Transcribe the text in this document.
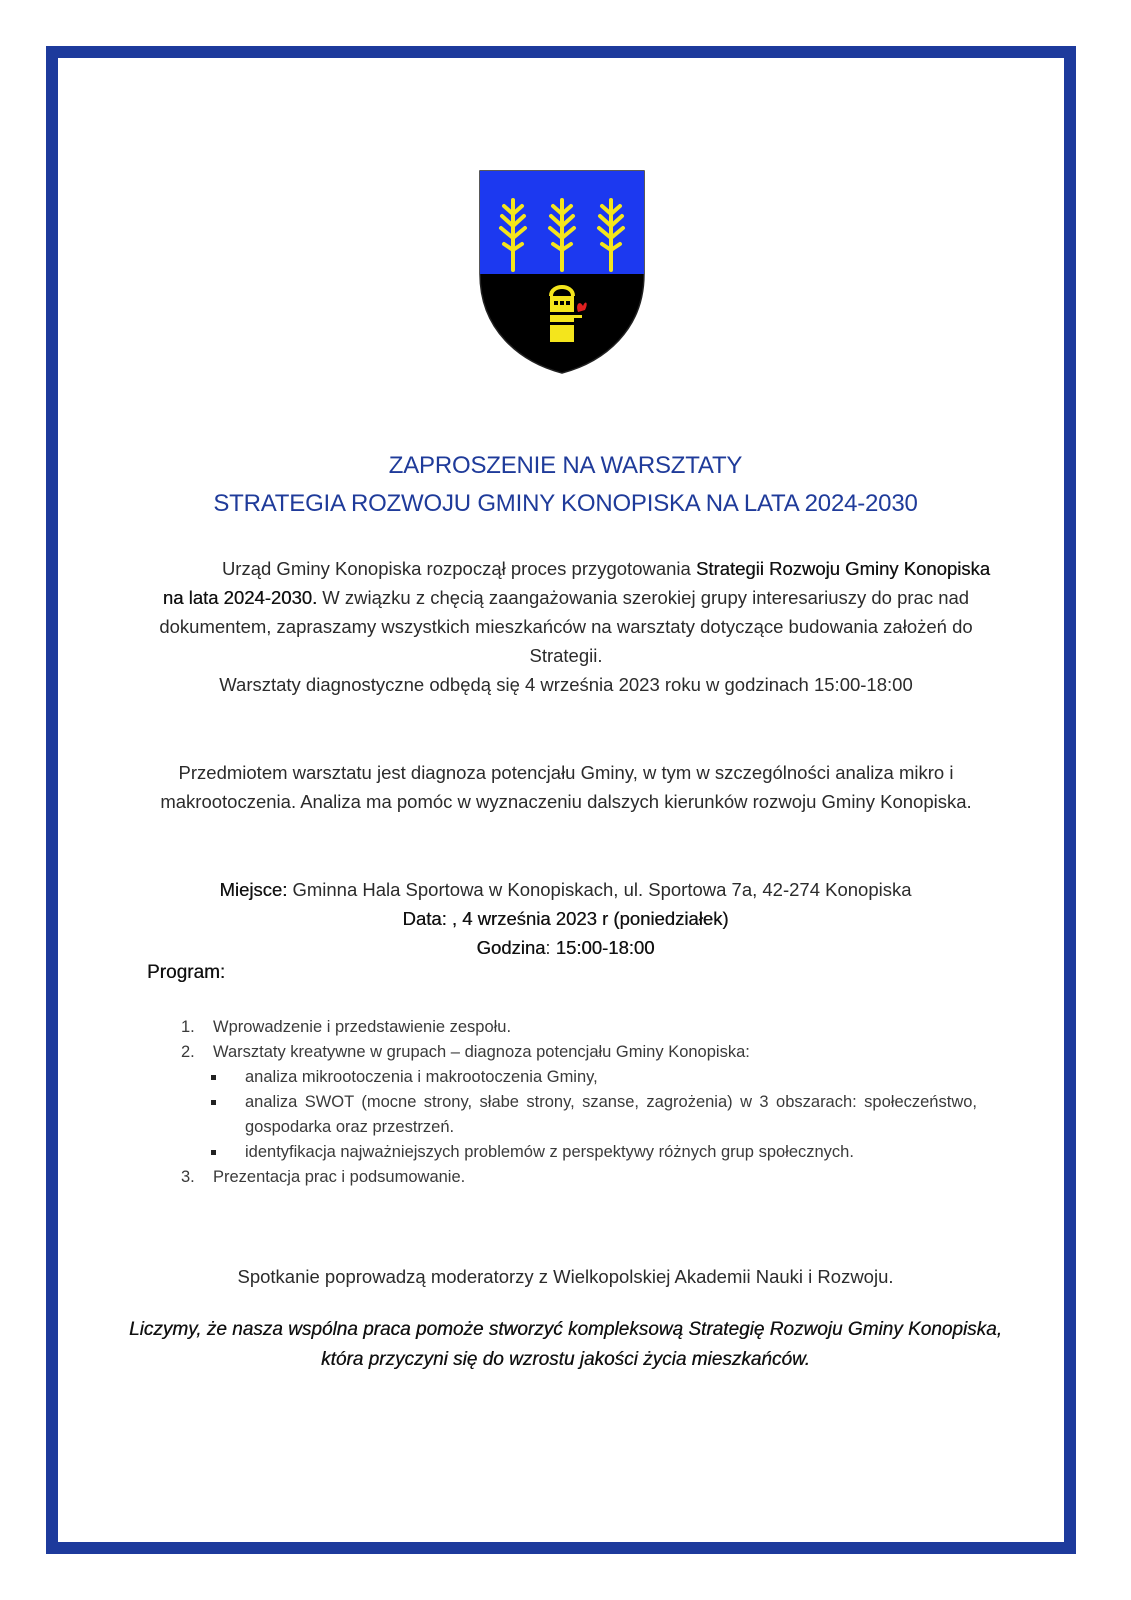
ZAPROSZENIE NA WARSZTATY
STRATEGIA ROZWOJU GMINY KONOPISKA NA LATA 2024-2030
Urząd Gminy Konopiska rozpoczął proces przygotowania Strategii Rozwoju Gminy Konopiska na lata 2024-2030. W związku z chęcią zaangażowania szerokiej grupy interesariuszy do prac nad dokumentem, zapraszamy wszystkich mieszkańców na warsztaty dotyczące budowania założeń do Strategii.
Warsztaty diagnostyczne odbędą się 4 września 2023 roku w godzinach 15:00-18:00
Przedmiotem warsztatu jest diagnoza potencjału Gminy, w tym w szczególności analiza mikro i makrootoczenia. Analiza ma pomóc w wyznaczeniu dalszych kierunków rozwoju Gminy Konopiska.
Miejsce: Gminna Hala Sportowa w Konopiskach, ul. Sportowa 7a, 42-274 Konopiska
Data: , 4 września 2023 r (poniedziałek)
Godzina: 15:00-18:00
Program:
1. Wprowadzenie i przedstawienie zespołu.
2. Warsztaty kreatywne w grupach – diagnoza potencjału Gminy Konopiska:
analiza mikrootoczenia i makrootoczenia Gminy,
analiza SWOT (mocne strony, słabe strony, szanse, zagrożenia) w 3 obszarach: społeczeństwo, gospodarka oraz przestrzeń.
identyfikacja najważniejszych problemów z perspektywy różnych grup społecznych.
3. Prezentacja prac i podsumowanie.
Spotkanie poprowadzą moderatorzy z Wielkopolskiej Akademii Nauki i Rozwoju.
Liczymy, że nasza wspólna praca pomoże stworzyć kompleksową Strategię Rozwoju Gminy Konopiska, która przyczyni się do wzrostu jakości życia mieszkańców.
